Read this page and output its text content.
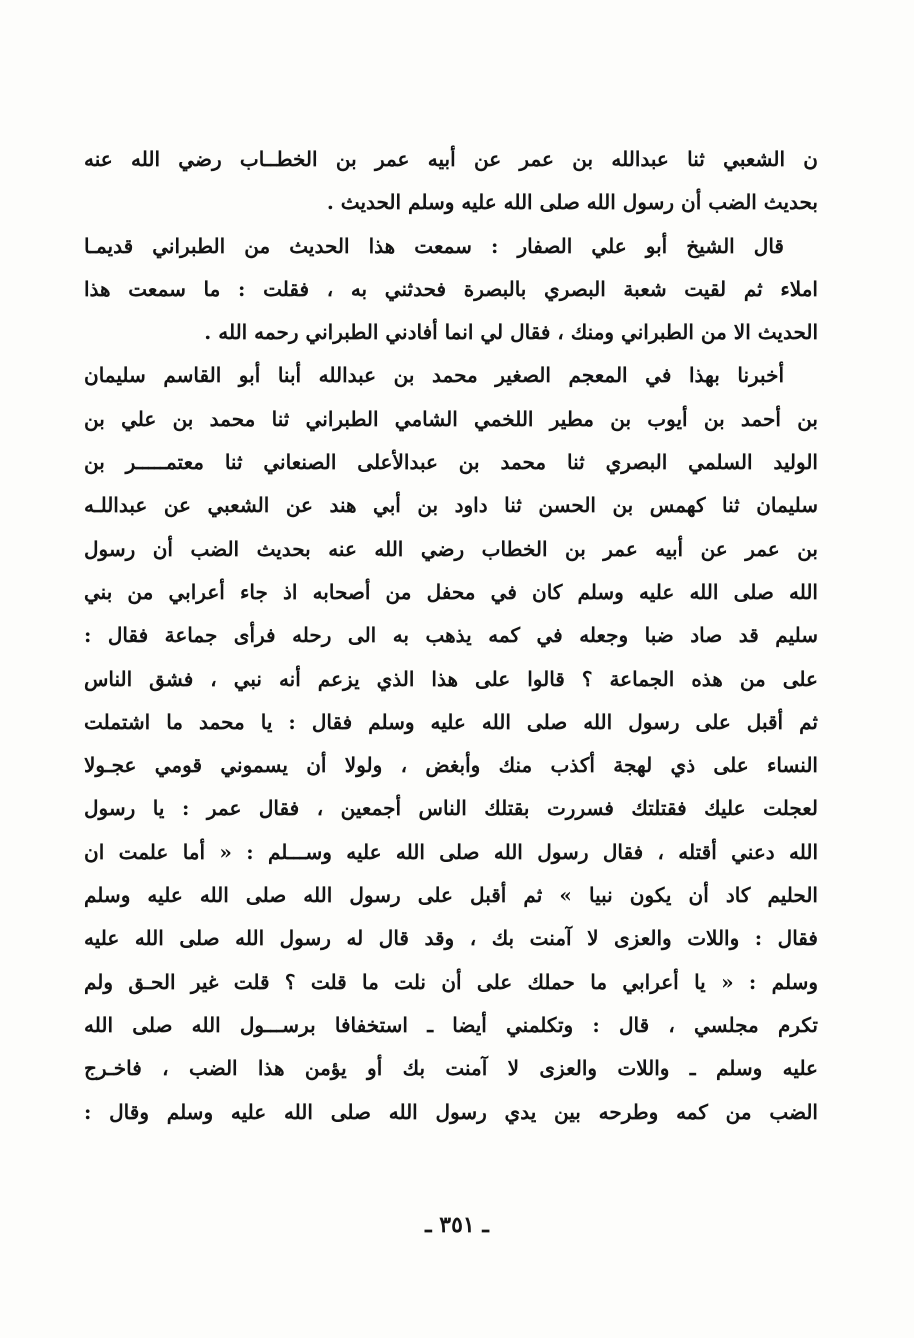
ن الشعبي ثنا عبدالله بن عمر عن أبيه عمر بن الخطــاب رضي الله عنه
بحديث الضب أن رسول الله صلى الله عليه وسلم الحديث .
قال الشيخ أبو علي الصفار : سمعت هذا الحديث من الطبراني قديمـا
املاء ثم لقيت شعبة البصري بالبصرة فحدثني به ، فقلت : ما سمعت هذا
الحديث الا من الطبراني ومنك ، فقال لي انما أفادني الطبراني رحمه الله .
أخبرنا بهذا في المعجم الصغير محمد بن عبدالله أبنا أبو القاسم سليمان
بن أحمد بن أيوب بن مطير اللخمي الشامي الطبراني ثنا محمد بن علي بن
الوليد السلمي البصري ثنا محمد بن عبدالأعلى الصنعاني ثنا معتمـــــر بن
سليمان ثنا كهمس بن الحسن ثنا داود بن أبي هند عن الشعبي عن عبداللـه
بن عمر عن أبيه عمر بن الخطاب رضي الله عنه بحديث الضب أن رسول
الله صلى الله عليه وسلم كان في محفل من أصحابه اذ جاء أعرابي من بني
سليم قد صاد ضبا وجعله في كمه يذهب به الى رحله فرأى جماعة فقال :
على من هذه الجماعة ؟ قالوا على هذا الذي يزعم أنه نبي ، فشق الناس
ثم أقبل على رسول الله صلى الله عليه وسلم فقال : يا محمد ما اشتملت
النساء على ذي لهجة أكذب منك وأبغض ، ولولا أن يسموني قومي عجـولا
لعجلت عليك فقتلتك فسررت بقتلك الناس أجمعين ، فقال عمر : يا رسول
الله دعني أقتله ، فقال رسول الله صلى الله عليه وســـلم : « أما علمت ان
الحليم كاد أن يكون نبيا » ثم أقبل على رسول الله صلى الله عليه وسلم
فقال : واللات والعزى لا آمنت بك ، وقد قال له رسول الله صلى الله عليه
وسلم : « يا أعرابي ما حملك على أن نلت ما قلت ؟ قلت غير الحـق ولم
تكرم مجلسي ، قال : وتكلمني أيضا ـ استخفافا برســـول الله صلى الله
عليه وسلم ـ واللات والعزى لا آمنت بك أو يؤمن هذا الضب ، فاخـرج
الضب من كمه وطرحه بين يدي رسول الله صلى الله عليه وسلم وقال :
ـ ٣٥١ ـ
